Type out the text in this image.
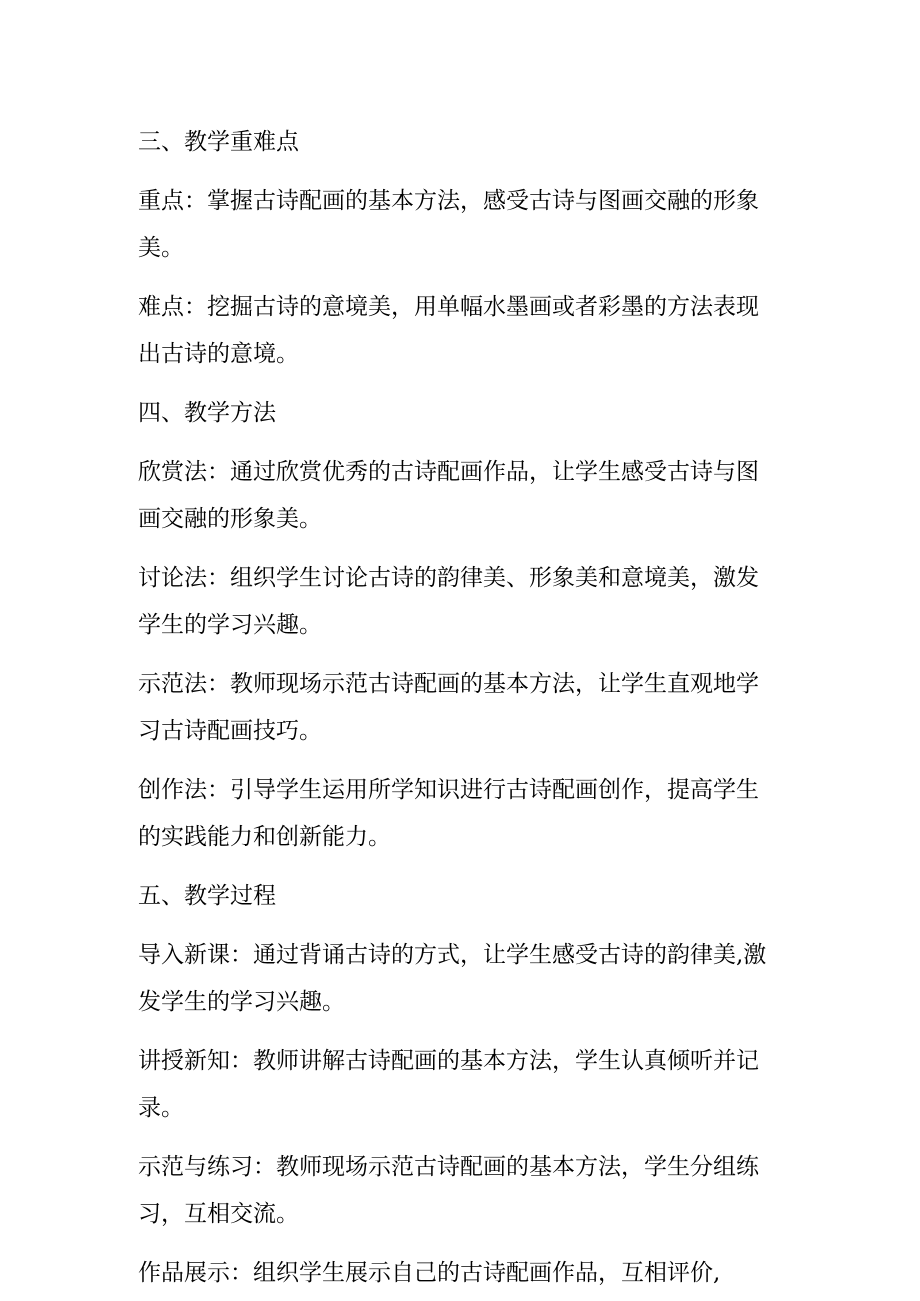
三、教学重难点
重点：掌握古诗配画的基本方法，感受古诗与图画交融的形象
美。
难点：挖掘古诗的意境美，用单幅水墨画或者彩墨的方法表现
出古诗的意境。
四、教学方法
欣赏法：通过欣赏优秀的古诗配画作品，让学生感受古诗与图
画交融的形象美。
讨论法：组织学生讨论古诗的韵律美、形象美和意境美，激发
学生的学习兴趣。
示范法：教师现场示范古诗配画的基本方法，让学生直观地学
习古诗配画技巧。
创作法：引导学生运用所学知识进行古诗配画创作，提高学生
的实践能力和创新能力。
五、教学过程
导入新课：通过背诵古诗的方式，让学生感受古诗的韵律美,激
发学生的学习兴趣。
讲授新知：教师讲解古诗配画的基本方法，学生认真倾听并记
录。
示范与练习：教师现场示范古诗配画的基本方法，学生分组练
习，互相交流。
作品展示：组织学生展示自己的古诗配画作品，互相评价,
